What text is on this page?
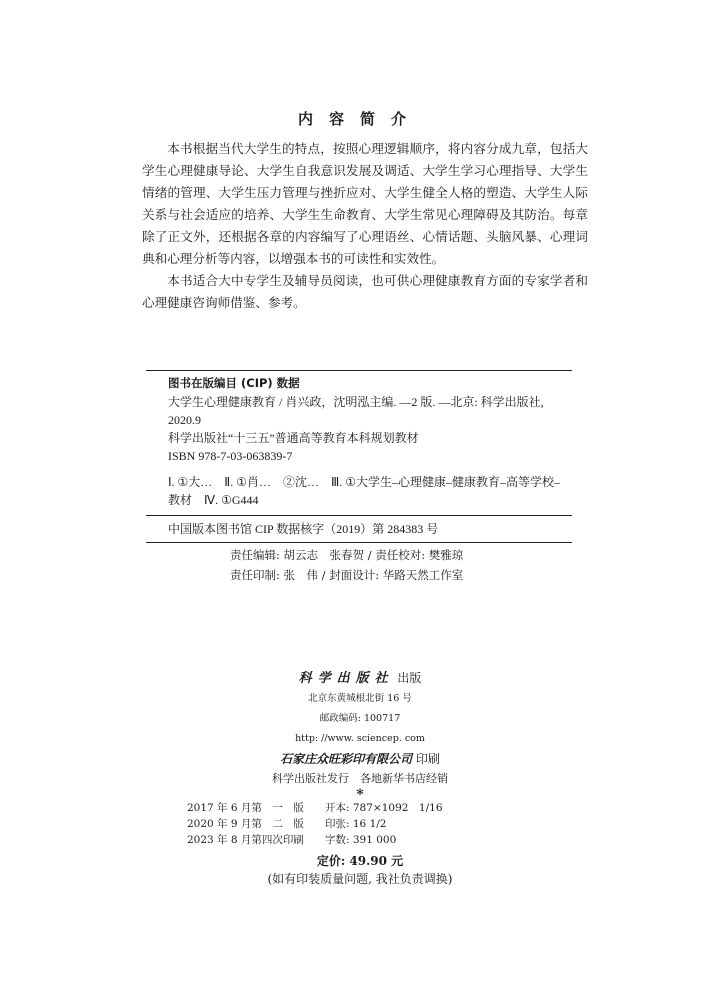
内容简介

本书根据当代大学生的特点，按照心理逻辑顺序，将内容分成九章，包括大学生心理健康导论、大学生自我意识发展及调适、大学生学习心理指导、大学生情绪的管理、大学生压力管理与挫折应对、大学生健全人格的塑造、大学生人际关系与社会适应的培养、大学生生命教育、大学生常见心理障碍及其防治。每章除了正文外，还根据各章的内容编写了心理语丝、心情话题、头脑风暴、心理词典和心理分析等内容，以增强本书的可读性和实效性。

本书适合大中专学生及辅导员阅读，也可供心理健康教育方面的专家学者和心理健康咨询师借鉴、参考。

图书在版编目 (CIP) 数据
大学生心理健康教育 / 肖兴政，沈明泓主编. —2 版. —北京: 科学出版社, 2020.9
科学出版社“十三五”普通高等教育本科规划教材
ISBN 978-7-03-063839-7
Ⅰ. ①大…　Ⅱ. ①肖…　②沈…　Ⅲ. ①大学生–心理健康–健康教育–高等学校–教材　Ⅳ. ①G444
中国版本图书馆 CIP 数据核字（2019）第 284383 号
责任编辑: 胡云志　张春贺 / 责任校对: 樊雅琼
责任印制: 张　伟 / 封面设计: 华路天然工作室
科学出版社 出版
北京东黄城根北街 16 号
邮政编码: 100717
http: //www. sciencep. com
石家庄众旺彩印有限公司 印刷
科学出版社发行　各地新华书店经销
*
2017 年 6 月第　一　版	开本: 787×1092　1/16
2020 年 9 月第　二　版	印张: 16 1/2
2023 年 8 月第四次印刷	字数: 391 000
定价: 49.90 元
(如有印装质量问题, 我社负责调换)
